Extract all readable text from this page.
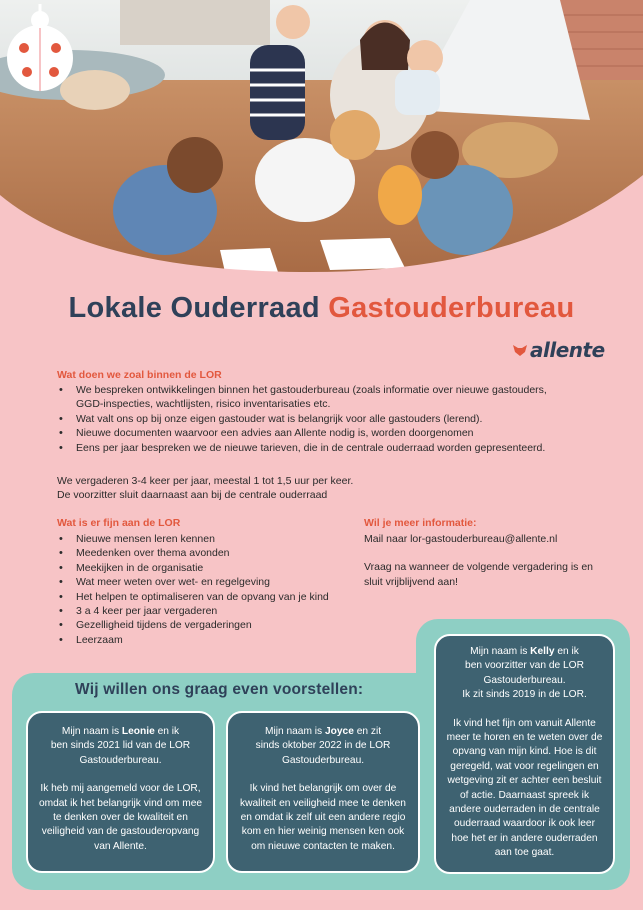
Lokale Ouderraad Gastouderbureau
allente
Wat doen we zoal binnen de LOR
• We bespreken ontwikkelingen binnen het gastouderbureau (zoals informatie over nieuwe gastouders,
GGD-inspecties, wachtlijsten, risico inventarisaties etc.
• Wat valt ons op bij onze eigen gastouder wat is belangrijk voor alle gastouders (lerend).
• Nieuwe documenten waarvoor een advies aan Allente nodig is, worden doorgenomen
• Eens per jaar bespreken we de nieuwe tarieven, die in de centrale ouderraad worden gepresenteerd.
We vergaderen 3-4 keer per jaar, meestal 1 tot 1,5 uur per keer.
De voorzitter sluit daarnaast aan bij de centrale ouderraad
Wat is er fijn aan de LOR
• Nieuwe mensen leren kennen
• Meedenken over thema avonden
• Meekijken in de organisatie
• Wat meer weten over wet- en regelgeving
• Het helpen te optimaliseren van de opvang van je kind
• 3 a 4 keer per jaar vergaderen
• Gezelligheid tijdens de vergaderingen
• Leerzaam
Wil je meer informatie:
Mail naar lor-gastouderbureau@allente.nl
Vraag na wanneer de volgende vergadering is en sluit vrijblijvend aan!
Wij willen ons graag even voorstellen:

Mijn naam is Leonie en ik
ben sinds 2021 lid van de LOR Gastouderbureau.

Ik heb mij aangemeld voor de LOR, omdat ik het belangrijk vind om mee te denken over de kwaliteit en veiligheid van de gastouderopvang van Allente.

Mijn naam is Joyce en zit
sinds oktober 2022 in de LOR Gastouderbureau.

Ik vind het belangrijk om over de kwaliteit en veiligheid mee te denken en omdat ik zelf uit een andere regio kom en hier weinig mensen ken ook om nieuwe contacten te maken.

Mijn naam is Kelly en ik
ben voorzitter van de LOR Gastouderbureau.
Ik zit sinds 2019 in de LOR.

Ik vind het fijn om vanuit Allente meer te horen en te weten over de opvang van mijn kind. Hoe is dit geregeld, wat voor regelingen en wetgeving zit er achter een besluit of actie. Daarnaast spreek ik andere ouderraden in de centrale ouderraad waardoor ik ook leer hoe het er in andere ouderraden aan toe gaat.
